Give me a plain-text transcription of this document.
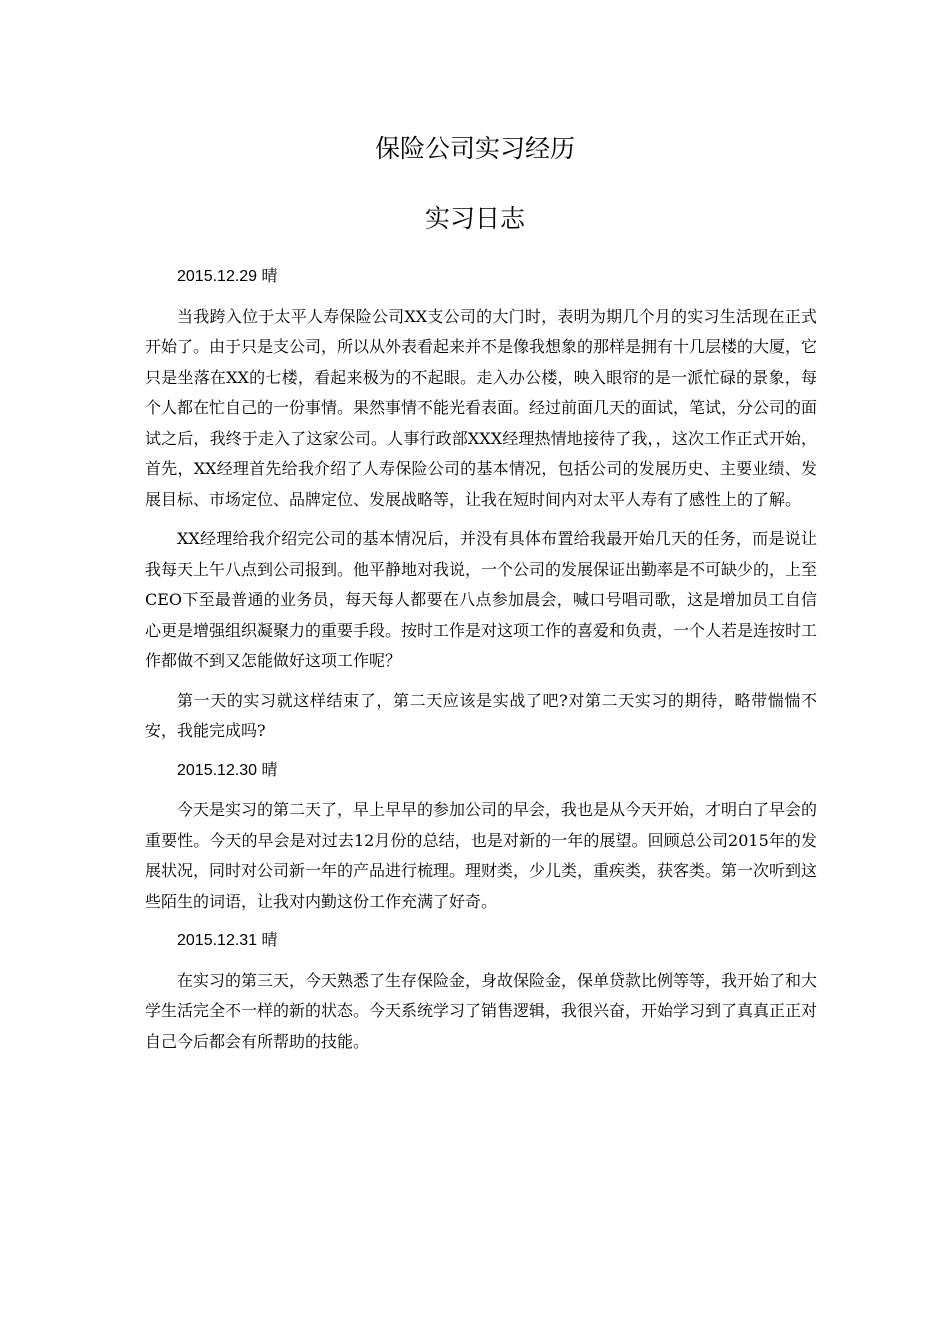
保险公司实习经历
实习日志

2015.12.29 晴

当我跨入位于太平人寿保险公司XX支公司的大门时，表明为期几个月的实习生活现在正式开始了。由于只是支公司，所以从外表看起来并不是像我想象的那样是拥有十几层楼的大厦，它只是坐落在XX的七楼，看起来极为的不起眼。走入办公楼，映入眼帘的是一派忙碌的景象，每个人都在忙自己的一份事情。果然事情不能光看表面。经过前面几天的面试，笔试，分公司的面试之后，我终于走入了这家公司。人事行政部XXX经理热情地接待了我，，这次工作正式开始，首先，XX经理首先给我介绍了人寿保险公司的基本情况，包括公司的发展历史、主要业绩、发展目标、市场定位、品牌定位、发展战略等，让我在短时间内对太平人寿有了感性上的了解。

XX经理给我介绍完公司的基本情况后，并没有具体布置给我最开始几天的任务，而是说让我每天上午八点到公司报到。他平静地对我说，一个公司的发展保证出勤率是不可缺少的，上至CEO下至最普通的业务员，每天每人都要在八点参加晨会，喊口号唱司歌，这是增加员工自信心更是增强组织凝聚力的重要手段。按时工作是对这项工作的喜爱和负责，一个人若是连按时工作都做不到又怎能做好这项工作呢？

第一天的实习就这样结束了，第二天应该是实战了吧?对第二天实习的期待，略带惴惴不安，我能完成吗?

2015.12.30 晴

今天是实习的第二天了，早上早早的参加公司的早会，我也是从今天开始，才明白了早会的重要性。今天的早会是对过去12月份的总结，也是对新的一年的展望。回顾总公司2015年的发展状况，同时对公司新一年的产品进行梳理。理财类，少儿类，重疾类，获客类。第一次听到这些陌生的词语，让我对内勤这份工作充满了好奇。

2015.12.31 晴

在实习的第三天，今天熟悉了生存保险金，身故保险金，保单贷款比例等等，我开始了和大学生活完全不一样的新的状态。今天系统学习了销售逻辑，我很兴奋，开始学习到了真真正正对自己今后都会有所帮助的技能。
